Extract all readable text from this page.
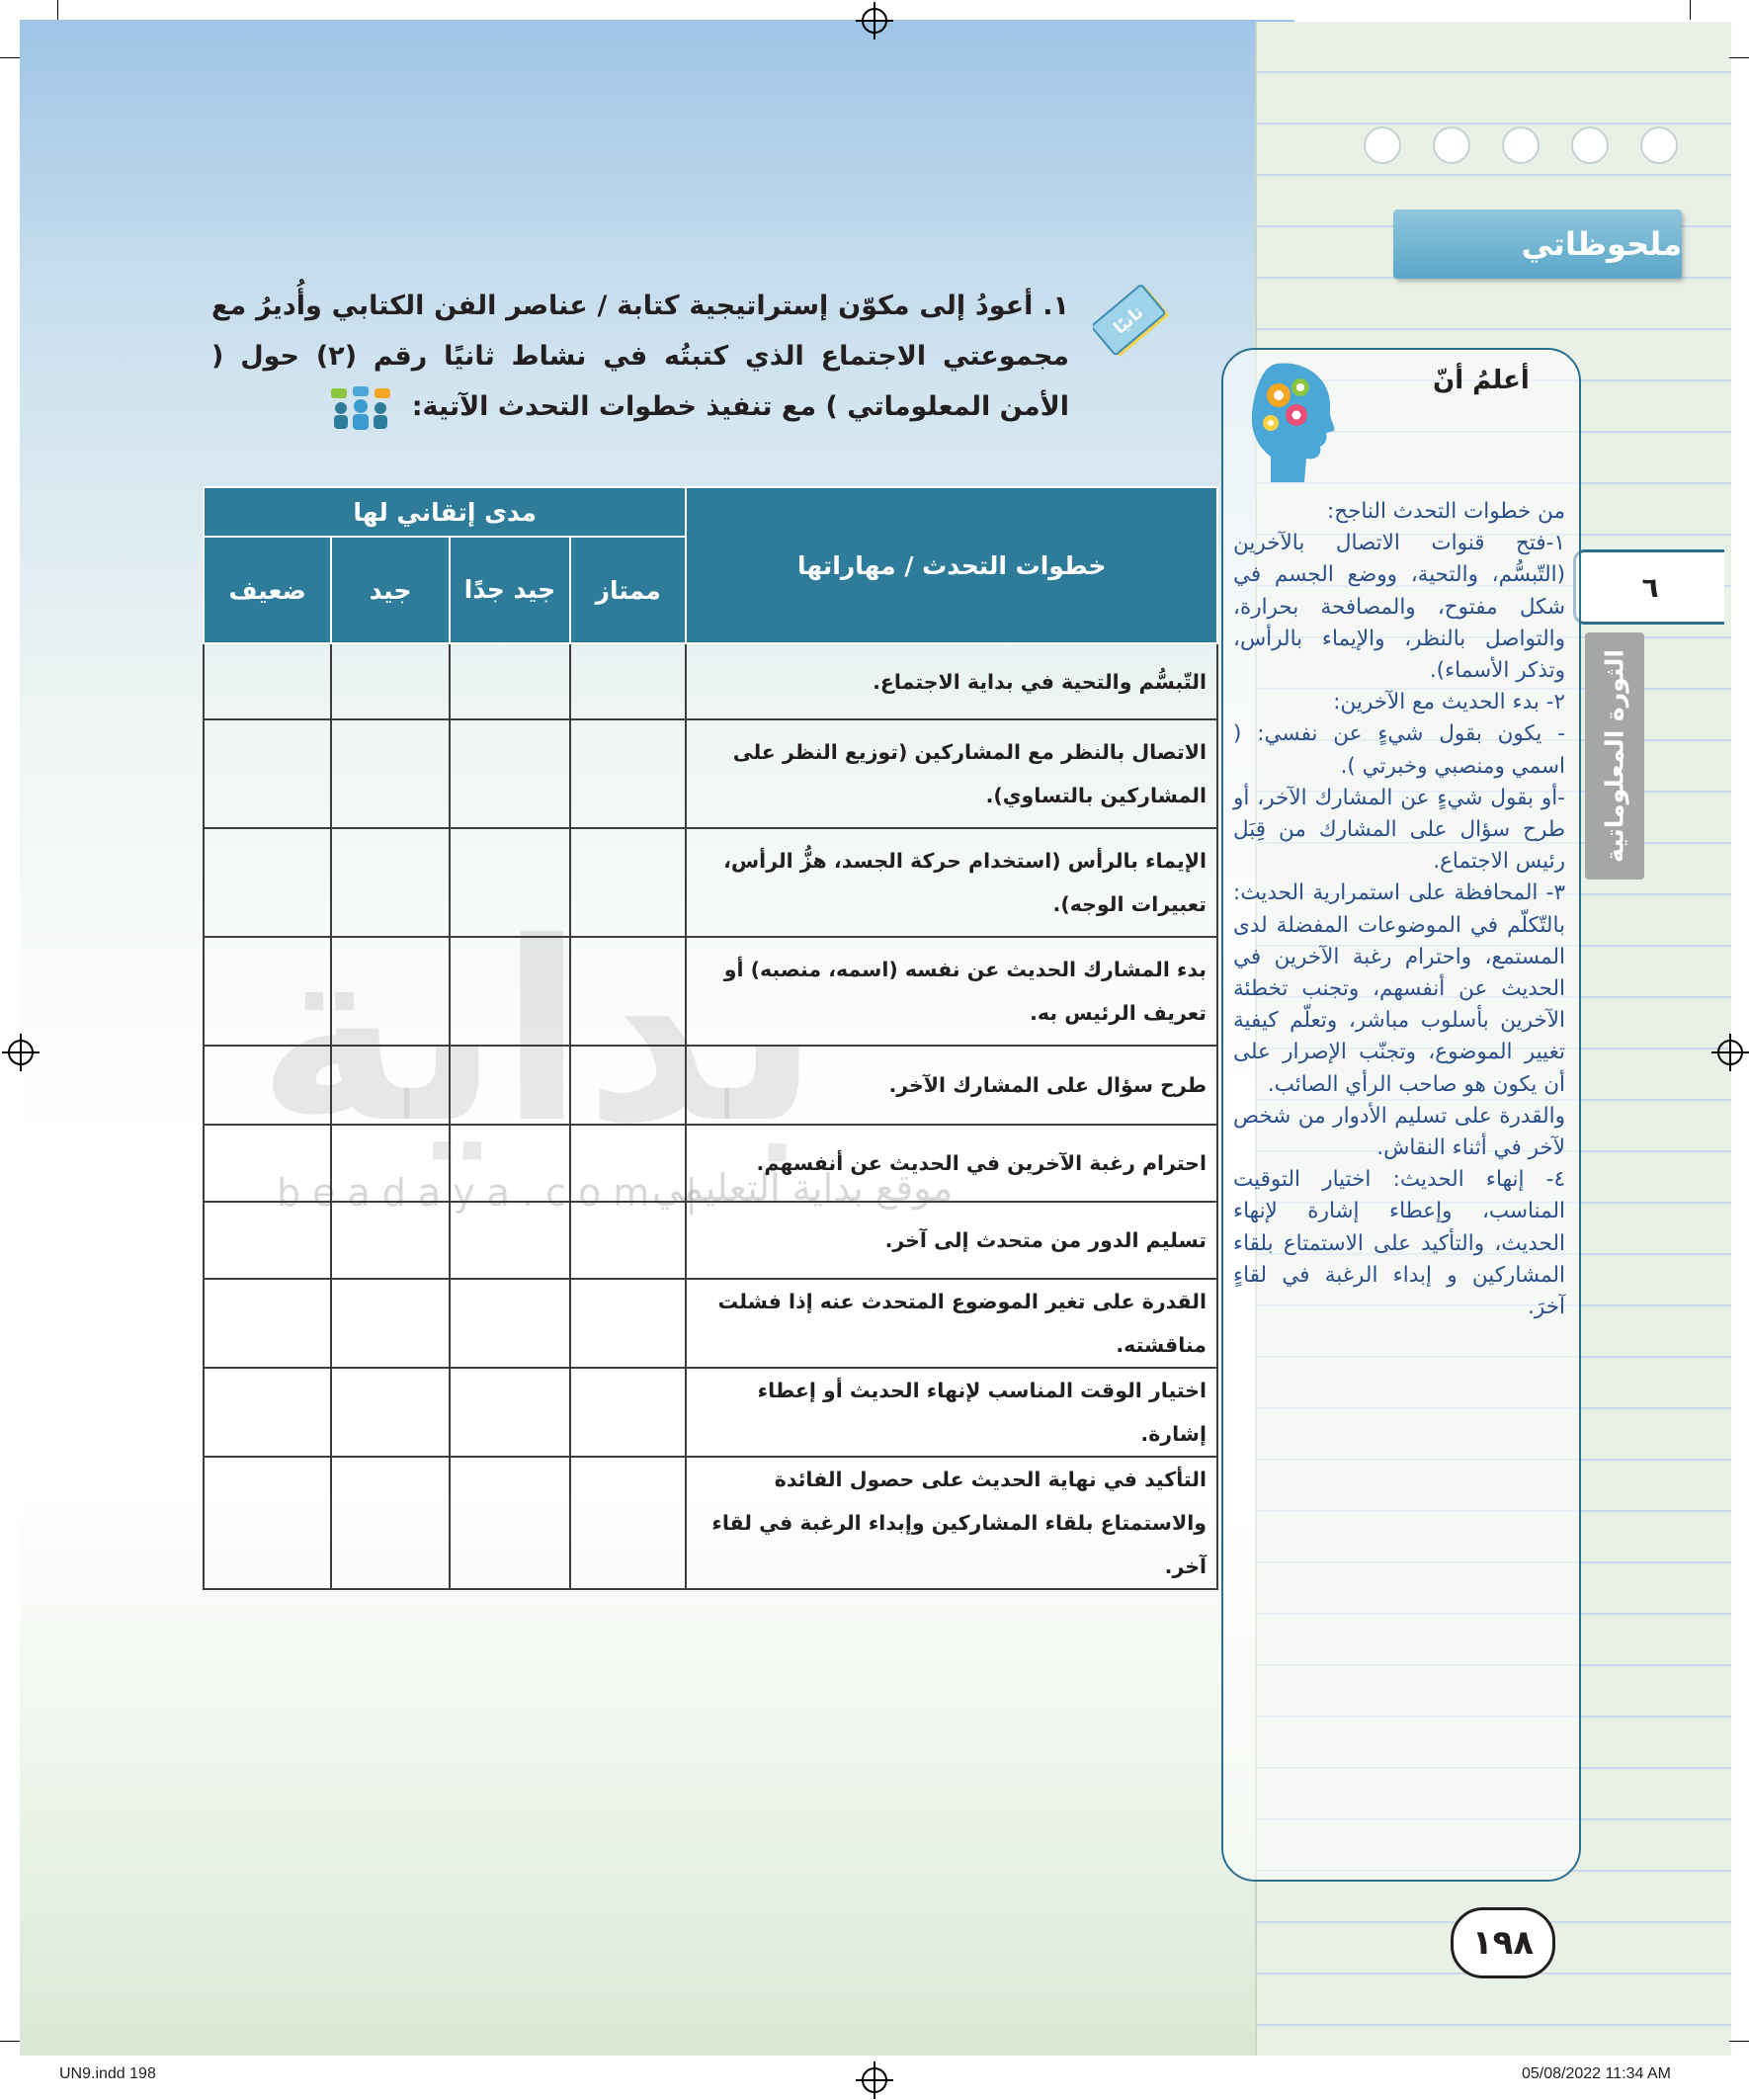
بداية
beadaya.com |
موقع بداية التعليمي
ملحوظاتي
٦
الثورة المعلوماتية
أعلمُ أنّ

من خطوات التحدث الناجح:

١-فتح قنوات الاتصال بالآخرين (التّبسُّم، والتحية، ووضع الجسم في شكل مفتوح، والمصافحة بحرارة، والتواصل بالنظر، والإيماء بالرأس، وتذكر الأسماء).

٢- بدء الحديث مع الآخرين:

- يكون بقول شيءٍ عن نفسي: ( اسمي ومنصبي وخبرتي ).

-أو بقول شيءٍ عن المشارك الآخر، أو طرح سؤال على المشارك من قِبَل رئيس الاجتماع.

٣- المحافظة على استمرارية الحديث: بالتّكلّم في الموضوعات المفضلة لدى المستمع، واحترام رغبة الآخرين في الحديث عن أنفسهم، وتجنب تخطئة الآخرين بأسلوب مباشر، وتعلّم كيفية تغيير الموضوع، وتجنّب الإصرار على أن يكون هو صاحب الرأي الصائب.

والقدرة على تسليم الأدوار من شخص لآخر في أثناء النقاش.

٤- إنهاء الحديث: اختيار التوقيت المناسب، وإعطاء إشارة لإنهاء الحديث، والتأكيد على الاستمتاع بلقاء المشاركين و إبداء الرغبة في لقاءٍ آخرَ.

ثانيًا
١. أعودُ إلى مكوّن إستراتيجية كتابة / عناصر الفن الكتابي وأُديرُ مع مجموعتي الاجتماع الذي كتبتُه في نشاط ثانيًا رقم (٢) حول ( الأمن المعلوماتي ) مع تنفيذ خطوات التحدث الآتية:
خطوات التحدث / مهاراتها	مدى إتقاني لها			
	ممتاز	جيد جدًا	جيد	ضعيف
التّبسُّم والتحية في بداية الاجتماع.				
الاتصال بالنظر مع المشاركين (توزيع النظر على المشاركين بالتساوي).				
الإيماء بالرأس (استخدام حركة الجسد، هزُّ الرأس، تعبيرات الوجه).				
بدء المشارك الحديث عن نفسه (اسمه، منصبه) أو تعريف الرئيس به.				
طرح سؤال على المشارك الآخر.				
احترام رغبة الآخرين في الحديث عن أنفسهم.				
تسليم الدور من متحدث إلى آخر.				
القدرة على تغير الموضوع المتحدث عنه إذا فشلت مناقشته.				
اختيار الوقت المناسب لإنهاء الحديث أو إعطاء إشارة.				
التأكيد في نهاية الحديث على حصول الفائدة والاستمتاع بلقاء المشاركين وإبداء الرغبة في لقاء آخر.				
١٩٨
UN9.indd 198	05/08/2022 11:34 AM
